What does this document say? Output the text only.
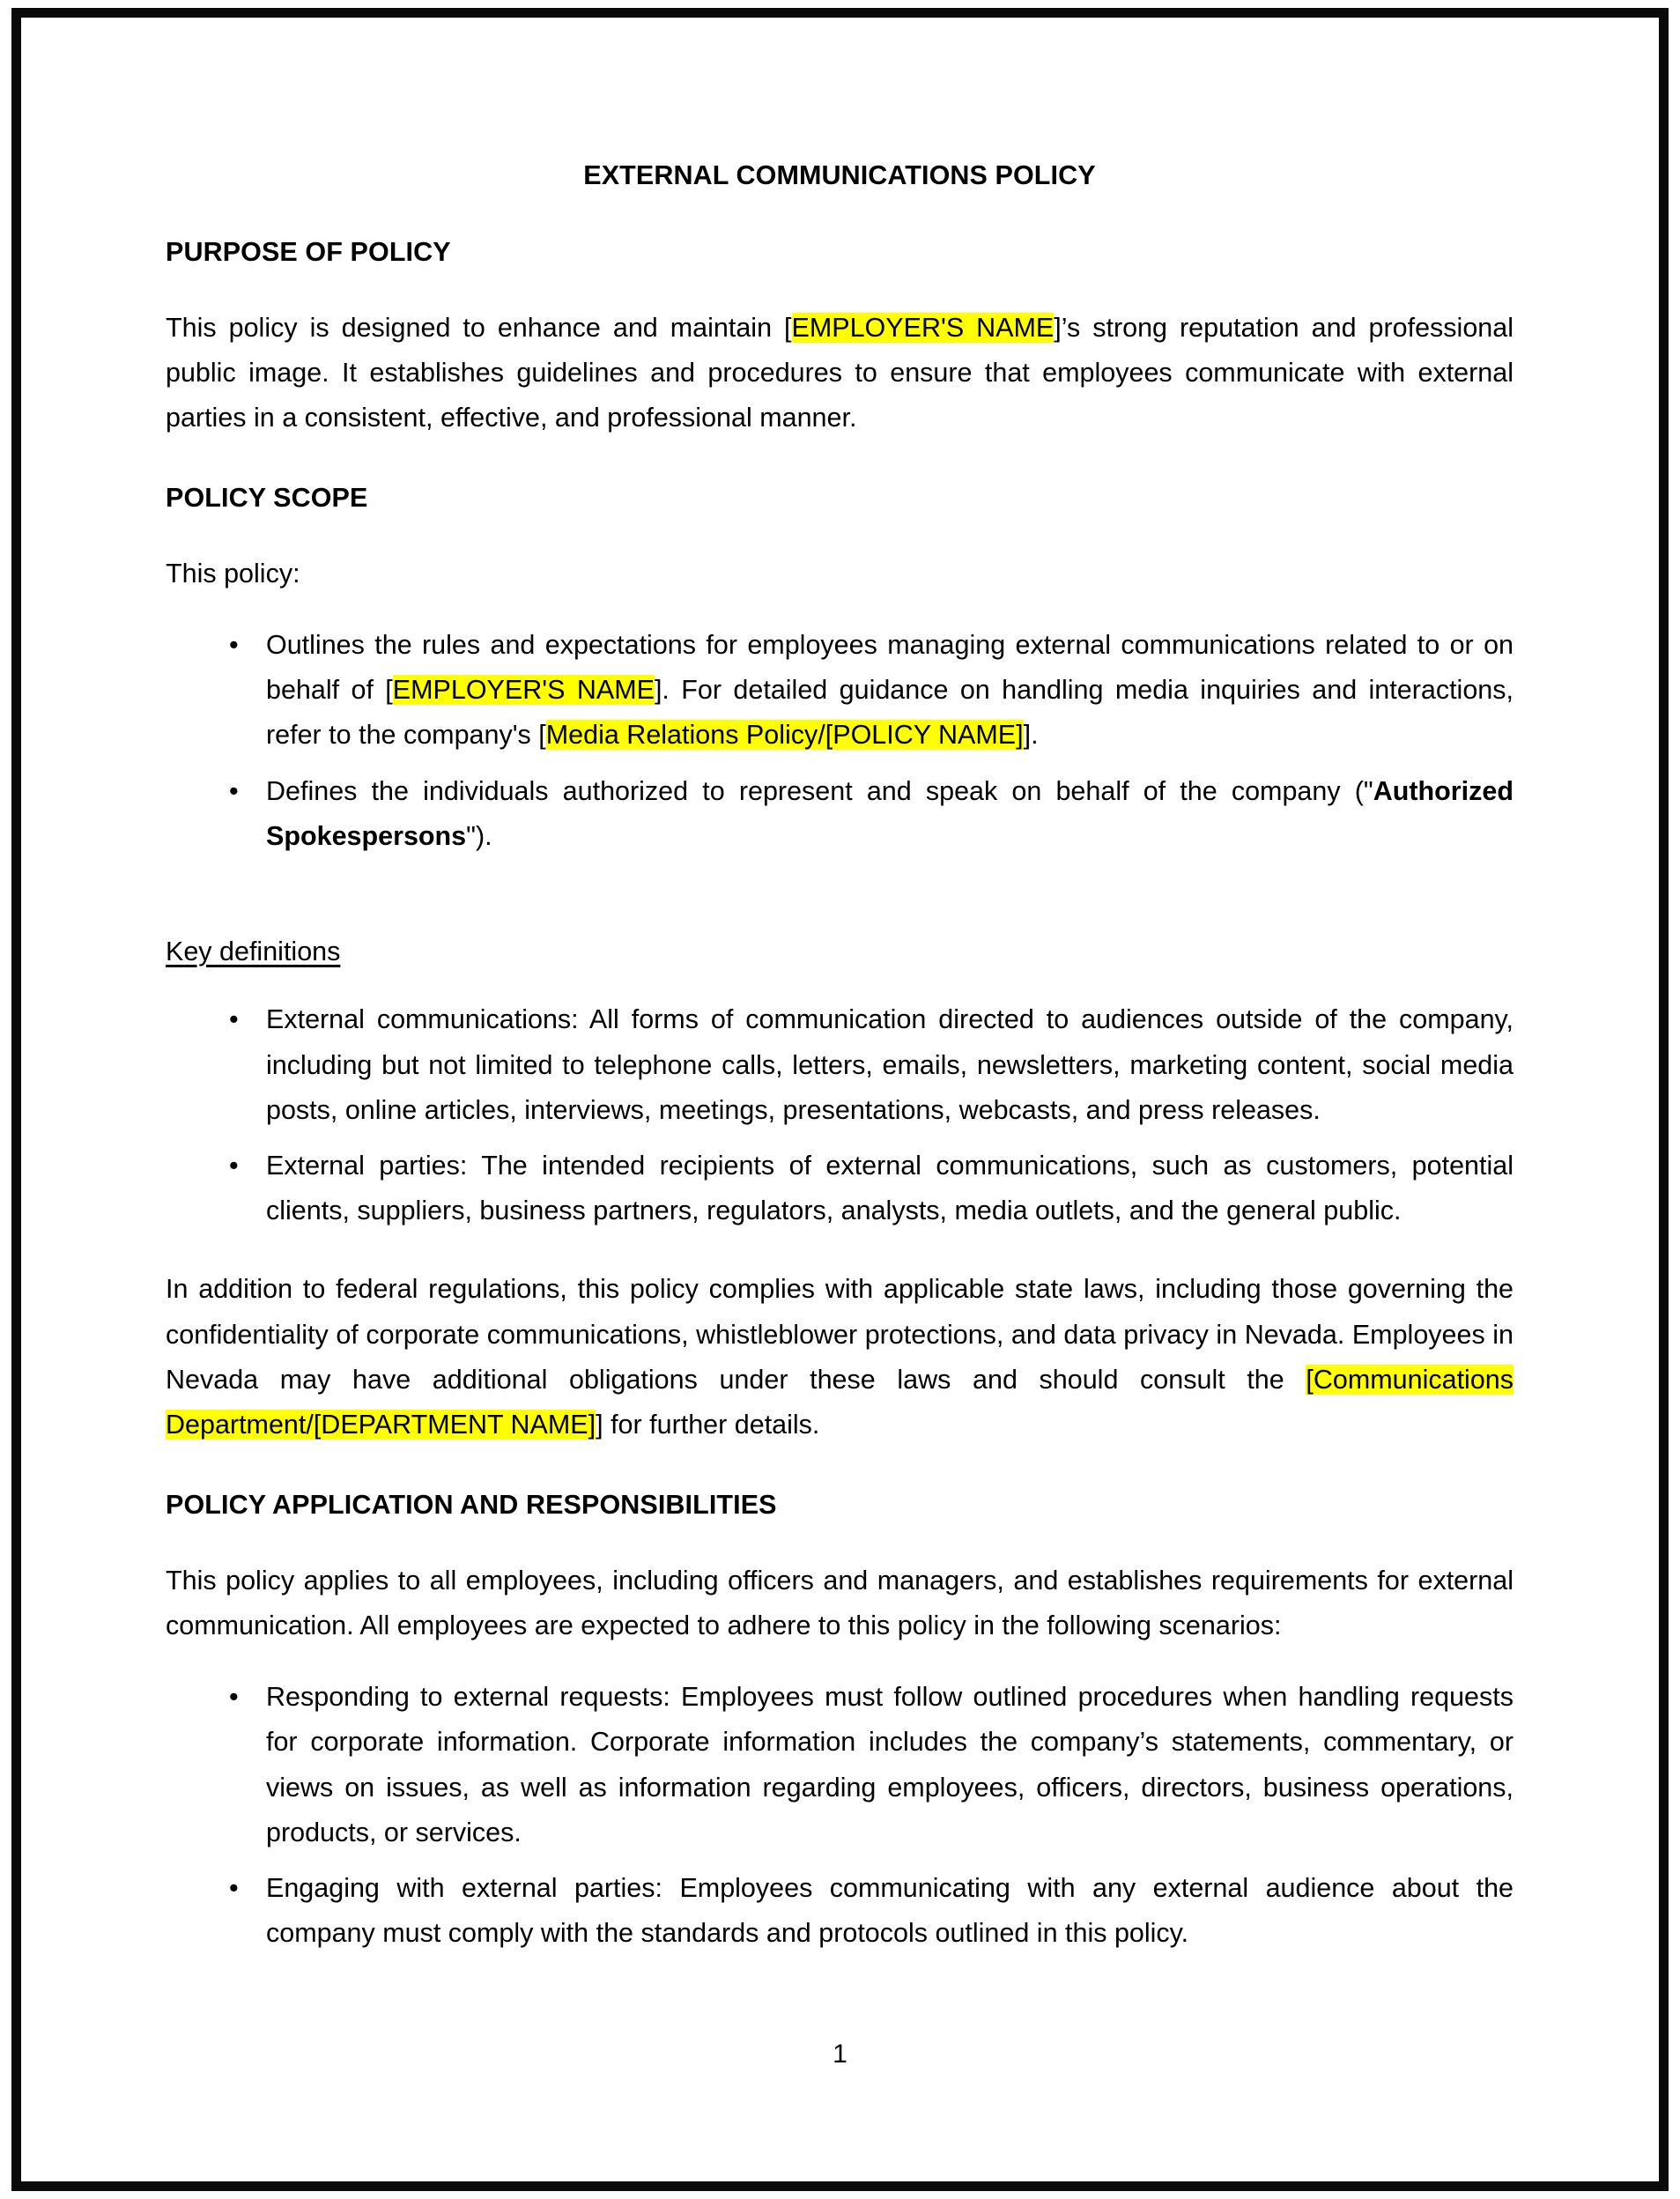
EXTERNAL COMMUNICATIONS POLICY
PURPOSE OF POLICY

This policy is designed to enhance and maintain [EMPLOYER'S NAME]’s strong reputation and professional public image. It establishes guidelines and procedures to ensure that employees communicate with external parties in a consistent, effective, and professional manner.

POLICY SCOPE

This policy:

• Outlines the rules and expectations for employees managing external communications related to or on behalf of [EMPLOYER'S NAME]. For detailed guidance on handling media inquiries and interactions, refer to the company's [Media Relations Policy/[POLICY NAME]].
• Defines the individuals authorized to represent and speak on behalf of the company ("Authorized Spokespersons").
Key definitions
• External communications: All forms of communication directed to audiences outside of the company, including but not limited to telephone calls, letters, emails, newsletters, marketing content, social media posts, online articles, interviews, meetings, presentations, webcasts, and press releases.
• External parties: The intended recipients of external communications, such as customers, potential clients, suppliers, business partners, regulators, analysts, media outlets, and the general public.

In addition to federal regulations, this policy complies with applicable state laws, including those governing the confidentiality of corporate communications, whistleblower protections, and data privacy in Nevada. Employees in Nevada may have additional obligations under these laws and should consult the [Communications Department/[DEPARTMENT NAME]] for further details.

POLICY APPLICATION AND RESPONSIBILITIES

This policy applies to all employees, including officers and managers, and establishes requirements for external communication. All employees are expected to adhere to this policy in the following scenarios:

• Responding to external requests: Employees must follow outlined procedures when handling requests for corporate information. Corporate information includes the company’s statements, commentary, or views on issues, as well as information regarding employees, officers, directors, business operations, products, or services.
• Engaging with external parties: Employees communicating with any external audience about the company must comply with the standards and protocols outlined in this policy.
1
